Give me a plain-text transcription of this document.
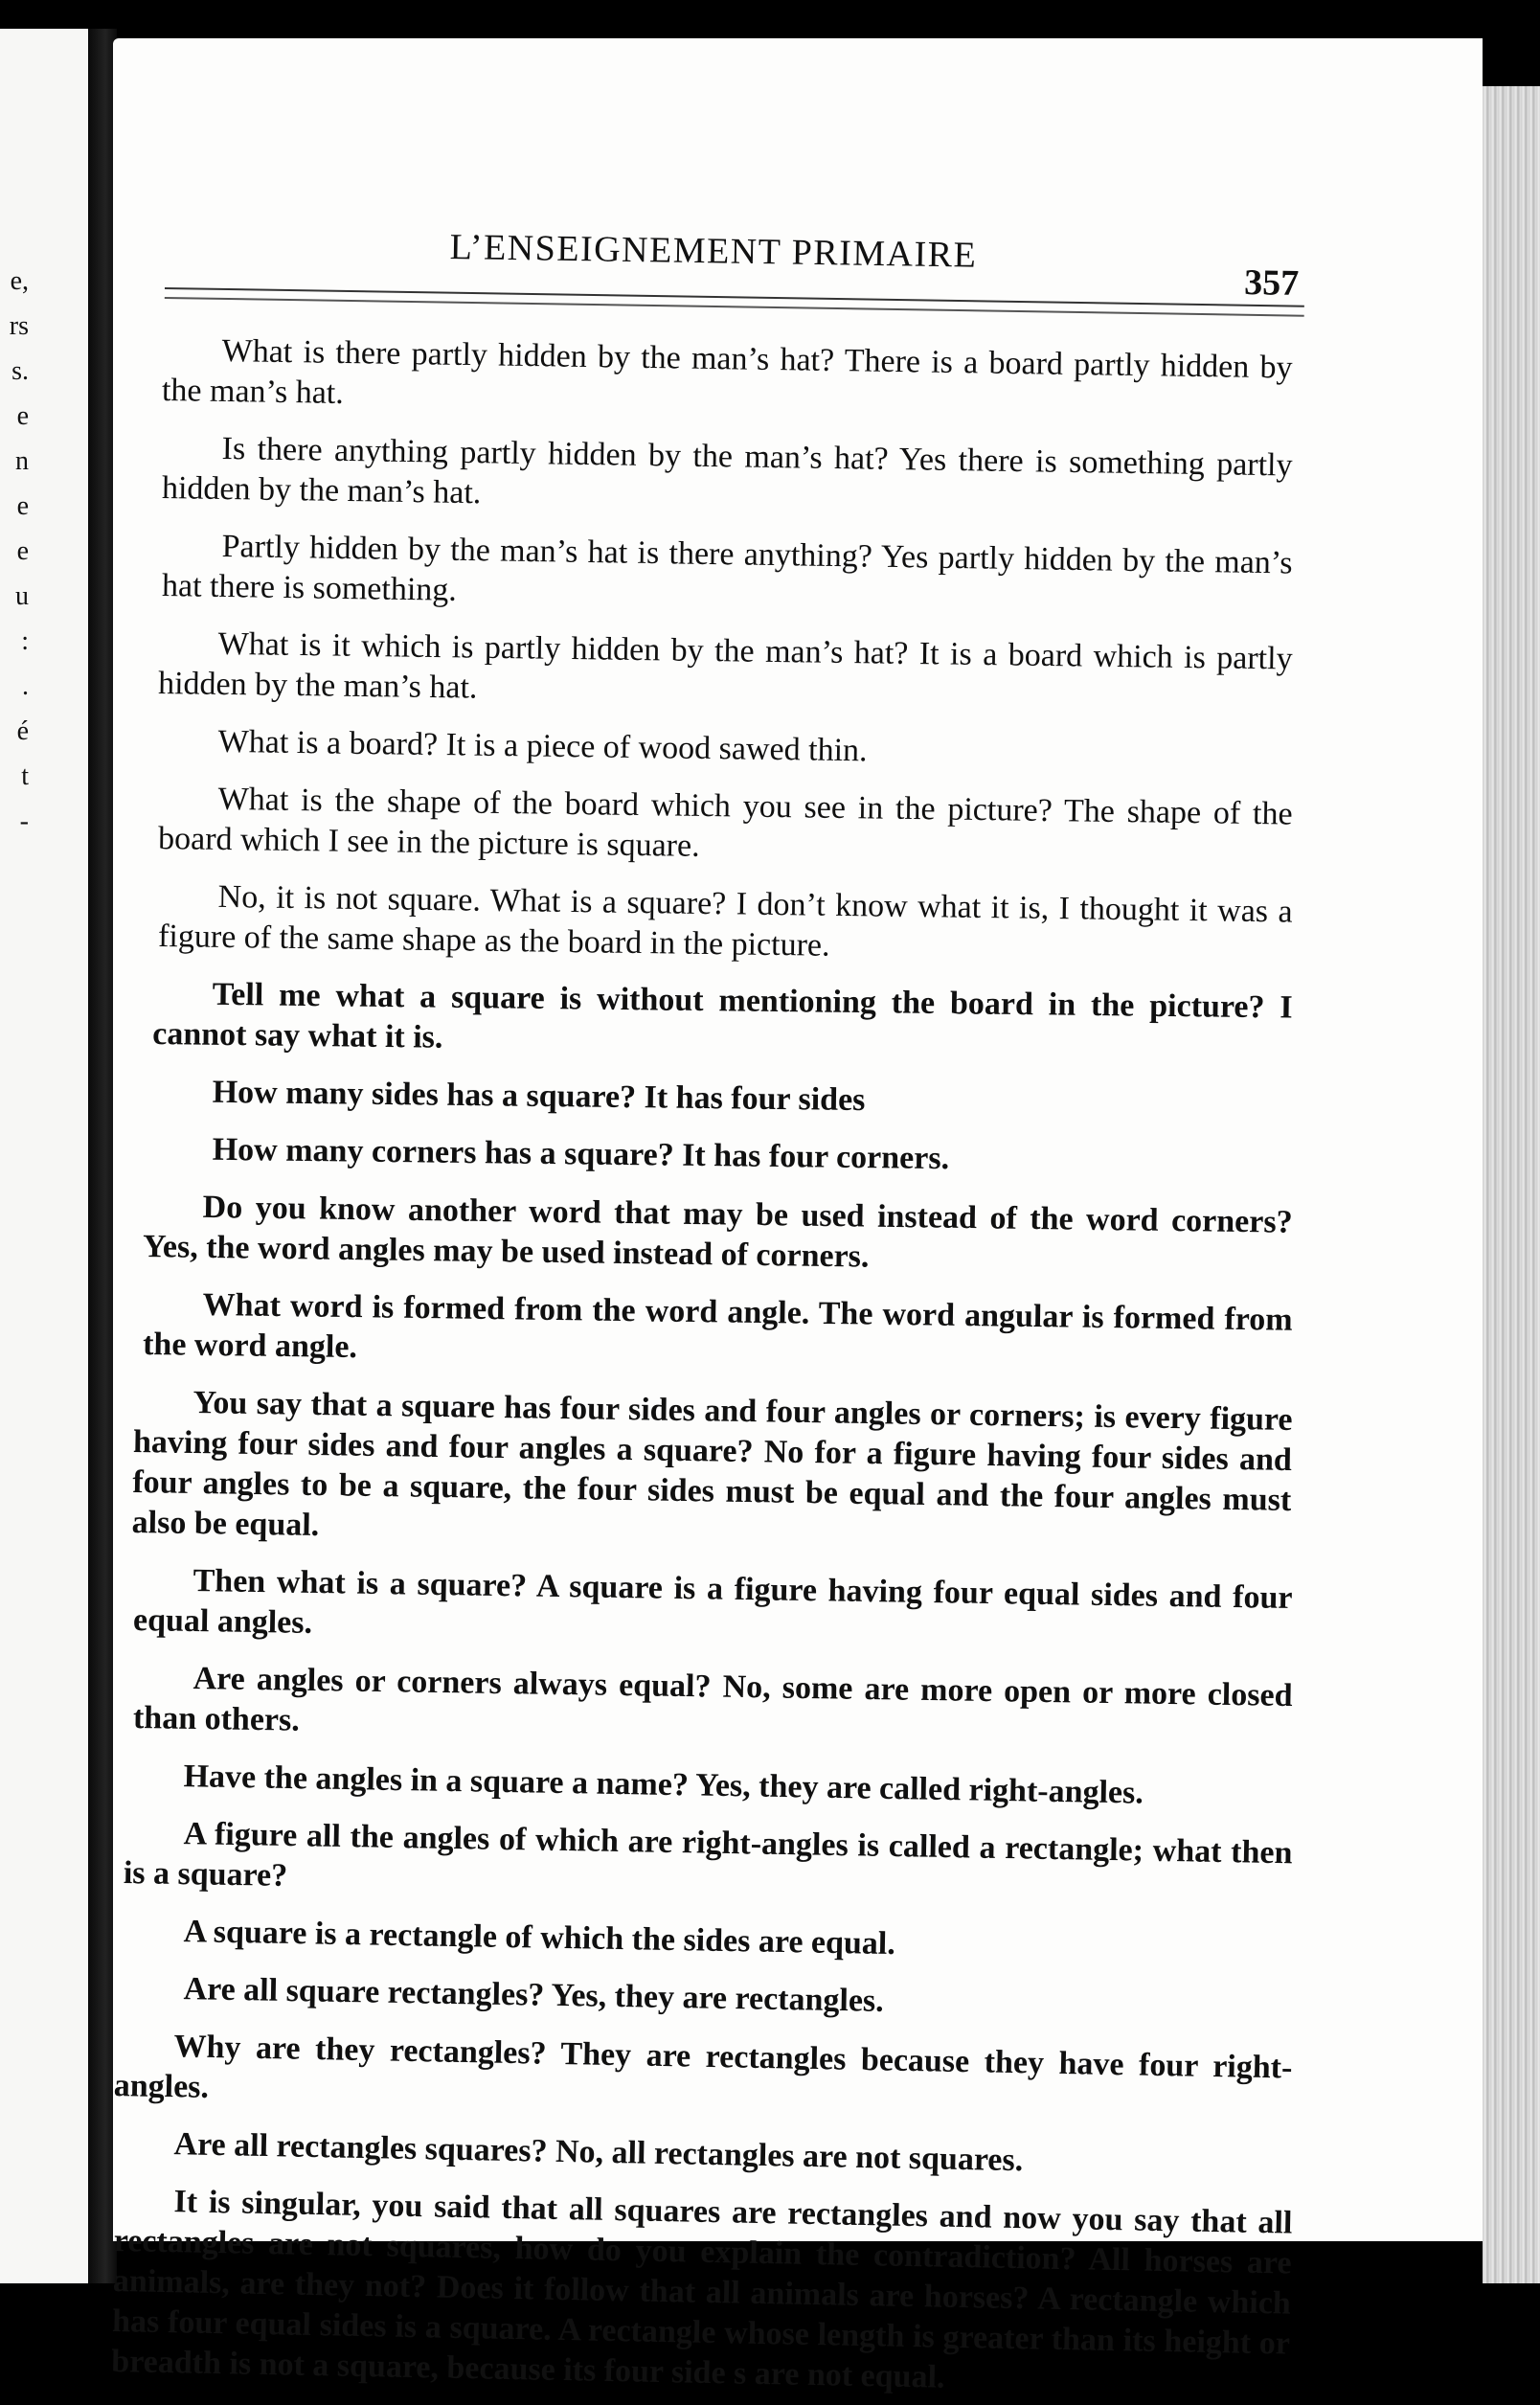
e,
rs
s.
e
n
e
e
u
:
.
é
t
-
L’ENSEIGNEMENT PRIMAIRE
357

What is there partly hidden by the man’s hat? There is a board partly hidden by the man’s hat.

Is there anything partly hidden by the man’s hat? Yes there is something partly hidden by the man’s hat.

Partly hidden by the man’s hat is there anything? Yes partly hidden by the man’s hat there is something.

What is it which is partly hidden by the man’s hat? It is a board which is partly hidden by the man’s hat.

What is a board? It is a piece of wood sawed thin.

What is the shape of the board which you see in the picture? The shape of the board which I see in the picture is square.

No, it is not square. What is a square? I don’t know what it is, I thought it was a figure of the same shape as the board in the picture.

Tell me what a square is without mentioning the board in the picture? I cannot say what it is.

How many sides has a square? It has four sides

How many corners has a square? It has four corners.

Do you know another word that may be used instead of the word corners? Yes, the word angles may be used instead of corners.

What word is formed from the word angle. The word angular is formed from the word angle.

You say that a square has four sides and four angles or corners; is every figure having four sides and four angles a square? No for a figure having four sides and four angles to be a square, the four sides must be equal and the four angles must also be equal.

Then what is a square? A square is a figure having four equal sides and four equal angles.

Are angles or corners always equal? No, some are more open or more closed than others.

Have the angles in a square a name? Yes, they are called right-angles.

A figure all the angles of which are right-angles is called a rectangle; what then is a square?

A square is a rectangle of which the sides are equal.

Are all square rectangles? Yes, they are rectangles.

Why are they rectangles? They are rectangles because they have four right-angles.

Are all rectangles squares? No, all rectangles are not squares.

It is singular, you said that all squares are rectangles and now you say that all rectangles are not squares, how do you explain the contradiction? All horses are animals, are they not? Does it follow that all animals are horses? A rectangle which has four equal sides is a square. A rectangle whose length is greater than its height or breadth is not a square, because its four side s are not equal.
